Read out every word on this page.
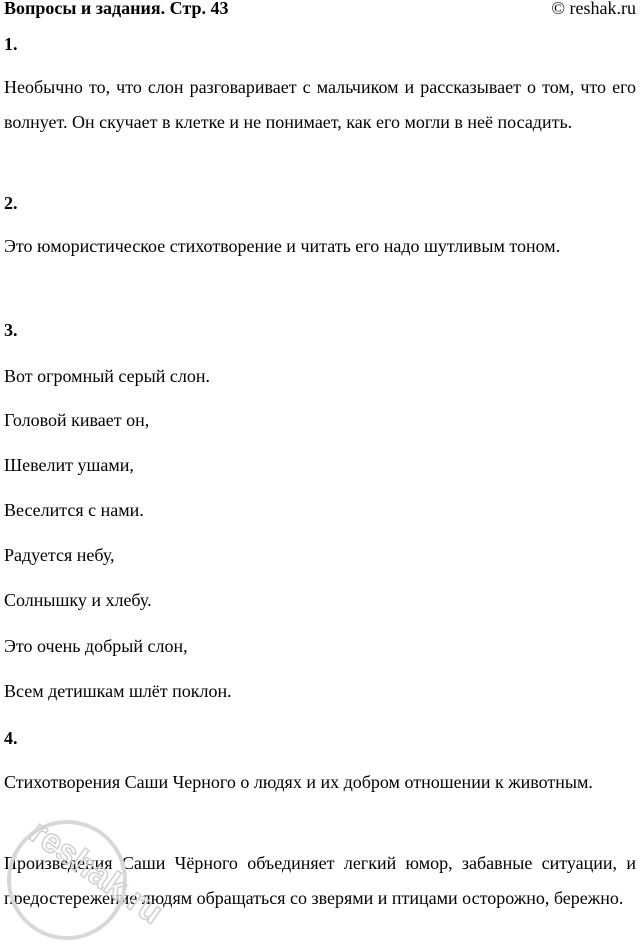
Вопросы и задания. Стр. 43	© reshak.ru
1.
Необычно то, что слон разговаривает с мальчиком и рассказывает о том, что его волнует. Он скучает в клетке и не понимает, как его могли в неё посадить.
2.
Это юмористическое стихотворение и читать его надо шутливым тоном.
3.
Вот огромный серый слон.
Головой кивает он,
Шевелит ушами,
Веселится с нами.
Радуется небу,
Солнышку и хлебу.
Это очень добрый слон,
Всем детишкам шлёт поклон.
4.
Стихотворения Саши Черного о людях и их добром отношении к животным.
Произведения Саши Чёрного объединяет легкий юмор, забавные ситуации, и предостережение людям обращаться со зверями и птицами осторожно, бережно.
reshak.ru
